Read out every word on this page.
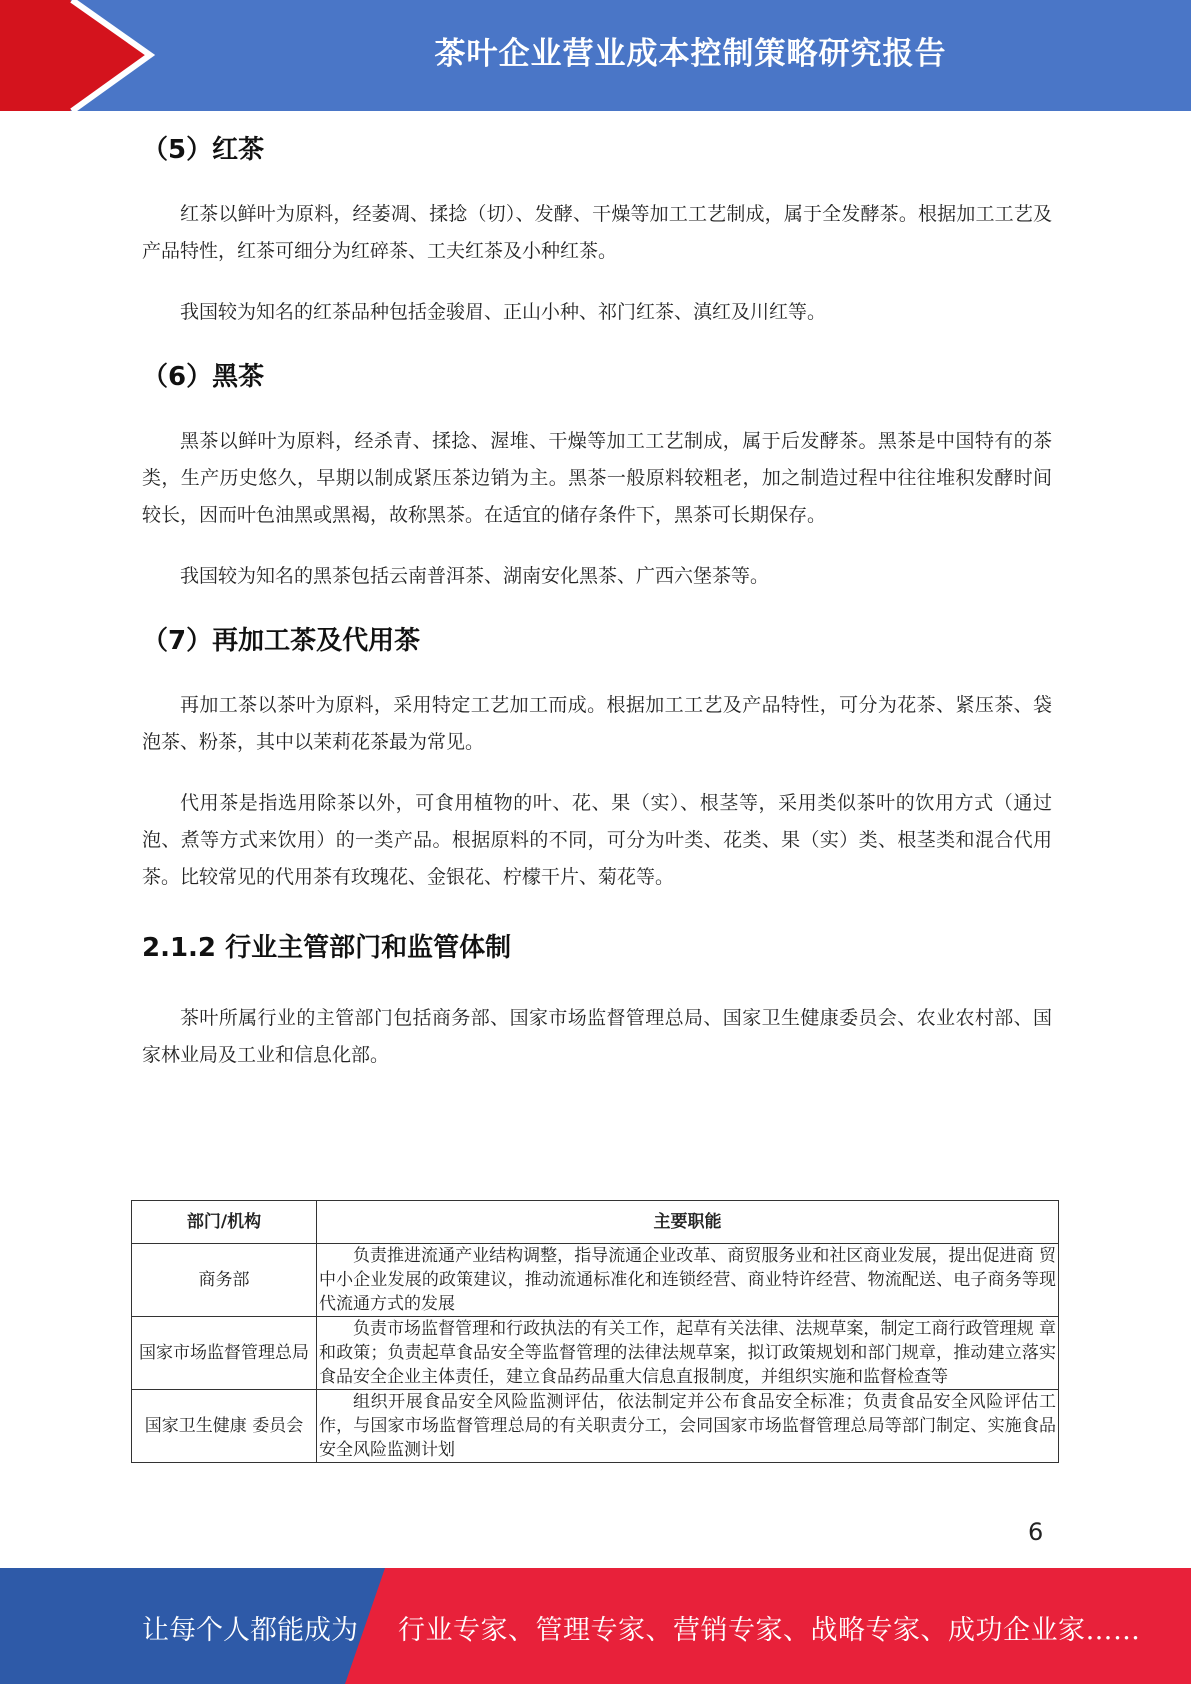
茶叶企业营业成本控制策略研究报告
（5）红茶

红茶以鲜叶为原料，经萎凋、揉捻（切）、发酵、干燥等加工工艺制成，属于全发酵茶。根据加工工艺及产品特性，红茶可细分为红碎茶、工夫红茶及小种红茶。

我国较为知名的红茶品种包括金骏眉、正山小种、祁门红茶、滇红及川红等。

（6）黑茶

黑茶以鲜叶为原料，经杀青、揉捻、渥堆、干燥等加工工艺制成，属于后发酵茶。黑茶是中国特有的茶类，生产历史悠久，早期以制成紧压茶边销为主。黑茶一般原料较粗老，加之制造过程中往往堆积发酵时间较长，因而叶色油黑或黑褐，故称黑茶。在适宜的储存条件下，黑茶可长期保存。

我国较为知名的黑茶包括云南普洱茶、湖南安化黑茶、广西六堡茶等。

（7）再加工茶及代用茶

再加工茶以茶叶为原料，采用特定工艺加工而成。根据加工工艺及产品特性，可分为花茶、紧压茶、袋泡茶、粉茶，其中以茉莉花茶最为常见。

代用茶是指选用除茶以外，可食用植物的叶、花、果（实）、根茎等，采用类似茶叶的饮用方式（通过泡、煮等方式来饮用）的一类产品。根据原料的不同，可分为叶类、花类、果（实）类、根茎类和混合代用茶。比较常见的代用茶有玫瑰花、金银花、柠檬干片、菊花等。

2.1.2 行业主管部门和监管体制

茶叶所属行业的主管部门包括商务部、国家市场监督管理总局、国家卫生健康委员会、农业农村部、国家林业局及工业和信息化部。

部门/机构	主要职能
商务部	负责推进流通产业结构调整，指导流通企业改革、商贸服务业和社区商业发展，提出促进商 贸中小企业发展的政策建议，推动流通标准化和连锁经营、商业特许经营、物流配送、电子商务等现代流通方式的发展
国家市场监督管理总局	负责市场监督管理和行政执法的有关工作，起草有关法律、法规草案，制定工商行政管理规 章和政策；负责起草食品安全等监督管理的法律法规草案，拟订政策规划和部门规章，推动建立落实食品安全企业主体责任，建立食品药品重大信息直报制度，并组织实施和监督检查等
国家卫生健康 委员会	组织开展食品安全风险监测评估，依法制定并公布食品安全标准；负责食品安全风险评估工 作，与国家市场监督管理总局的有关职责分工，会同国家市场监督管理总局等部门制定、实施食品安全风险监测计划
6
让每个人都能成为 行业专家、管理专家、营销专家、战略专家、成功企业家……
